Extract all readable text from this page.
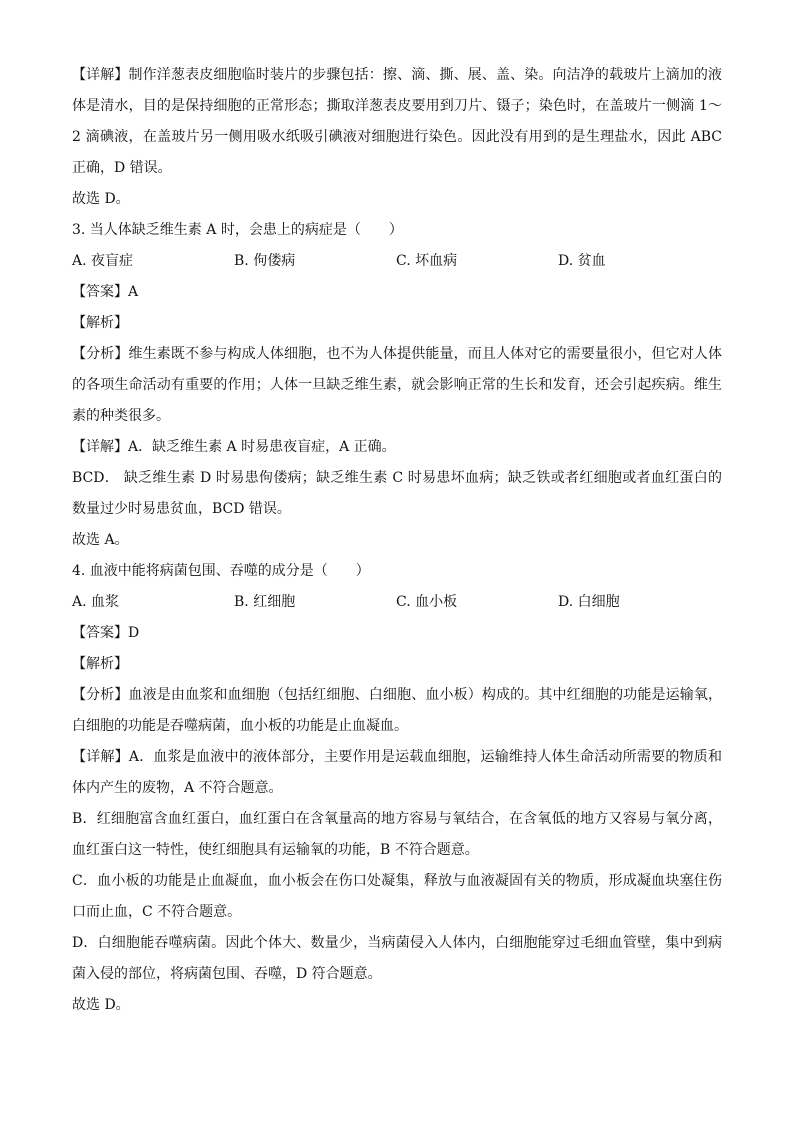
【详解】制作洋葱表皮细胞临时装片的步骤包括：擦、滴、撕、展、盖、染。向洁净的载玻片上滴加的液体是清水，目的是保持细胞的正常形态；撕取洋葱表皮要用到刀片、镊子；染色时，在盖玻片一侧滴 1～2 滴碘液，在盖玻片另一侧用吸水纸吸引碘液对细胞进行染色。因此没有用到的是生理盐水，因此 ABC 正确，D 错误。

故选 D。

3. 当人体缺乏维生素 A 时，会患上的病症是（　　）

A. 夜盲症	B. 佝偻病	C. 坏血病	D. 贫血

【答案】A

【解析】

【分析】维生素既不参与构成人体细胞，也不为人体提供能量，而且人体对它的需要量很小，但它对人体的各项生命活动有重要的作用；人体一旦缺乏维生素，就会影响正常的生长和发育，还会引起疾病。维生素的种类很多。

【详解】A．缺乏维生素 A 时易患夜盲症，A 正确。

BCD． 缺乏维生素 D 时易患佝偻病；缺乏维生素 C 时易患坏血病；缺乏铁或者红细胞或者血红蛋白的数量过少时易患贫血，BCD 错误。

故选 A。

4. 血液中能将病菌包围、吞噬的成分是（　　）

A. 血浆	B. 红细胞	C. 血小板	D. 白细胞

【答案】D

【解析】

【分析】血液是由血浆和血细胞（包括红细胞、白细胞、血小板）构成的。其中红细胞的功能是运输氧，白细胞的功能是吞噬病菌，血小板的功能是止血凝血。

【详解】A．血浆是血液中的液体部分，主要作用是运载血细胞，运输维持人体生命活动所需要的物质和体内产生的废物，A 不符合题意。

B．红细胞富含血红蛋白，血红蛋白在含氧量高的地方容易与氧结合，在含氧低的地方又容易与氧分离，血红蛋白这一特性，使红细胞具有运输氧的功能，B 不符合题意。

C．血小板的功能是止血凝血，血小板会在伤口处凝集，释放与血液凝固有关的物质，形成凝血块塞住伤口而止血，C 不符合题意。

D．白细胞能吞噬病菌。因此个体大、数量少，当病菌侵入人体内，白细胞能穿过毛细血管壁，集中到病菌入侵的部位，将病菌包围、吞噬，D 符合题意。

故选 D。
